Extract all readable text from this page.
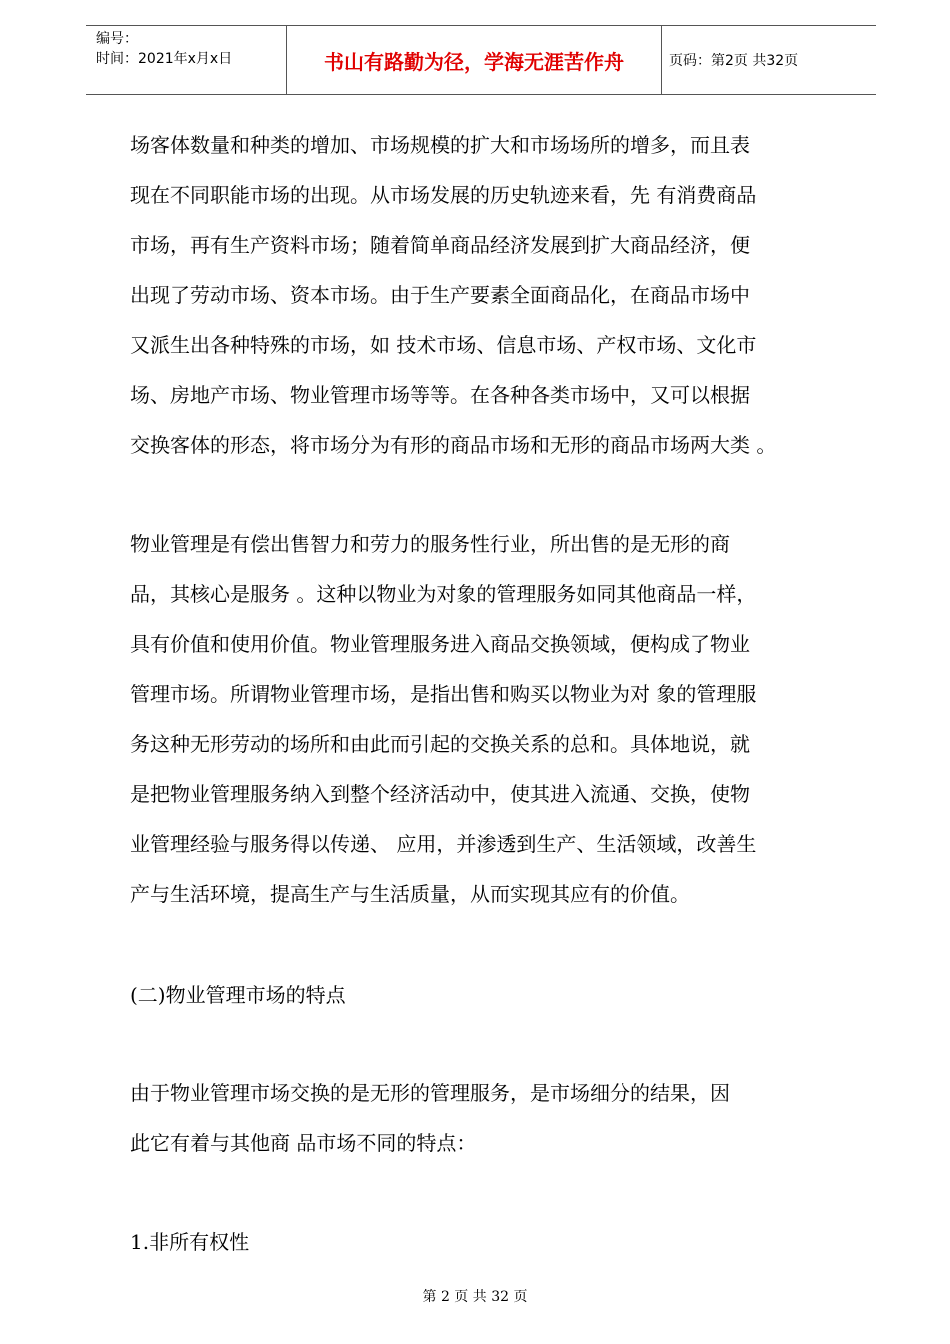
编号：
时间：2021年x月x日	书山有路勤为径，学海无涯苦作舟	页码：第2页 共32页
场客体数量和种类的增加、市场规模的扩大和市场场所的增多，而且表
现在不同职能市场的出现。从市场发展的历史轨迹来看，先 有消费商品
市场，再有生产资料市场；随着简单商品经济发展到扩大商品经济，便
出现了劳动市场、资本市场。由于生产要素全面商品化，在商品市场中
又派生出各种特殊的市场，如 技术市场、信息市场、产权市场、文化市
场、房地产市场、物业管理市场等等。在各种各类市场中，又可以根据
交换客体的形态，将市场分为有形的商品市场和无形的商品市场两大类 。
物业管理是有偿出售智力和劳力的服务性行业，所出售的是无形的商
品，其核心是服务 。这种以物业为对象的管理服务如同其他商品一样，
具有价值和使用价值。物业管理服务进入商品交换领域，便构成了物业
管理市场。所谓物业管理市场，是指出售和购买以物业为对 象的管理服
务这种无形劳动的场所和由此而引起的交换关系的总和。具体地说，就
是把物业管理服务纳入到整个经济活动中，使其进入流通、交换，使物
业管理经验与服务得以传递、 应用，并渗透到生产、生活领域，改善生
产与生活环境，提高生产与生活质量，从而实现其应有的价值。
(二)物业管理市场的特点
由于物业管理市场交换的是无形的管理服务，是市场细分的结果，因
此它有着与其他商 品市场不同的特点：
1.非所有权性
第 2 页 共 32 页
